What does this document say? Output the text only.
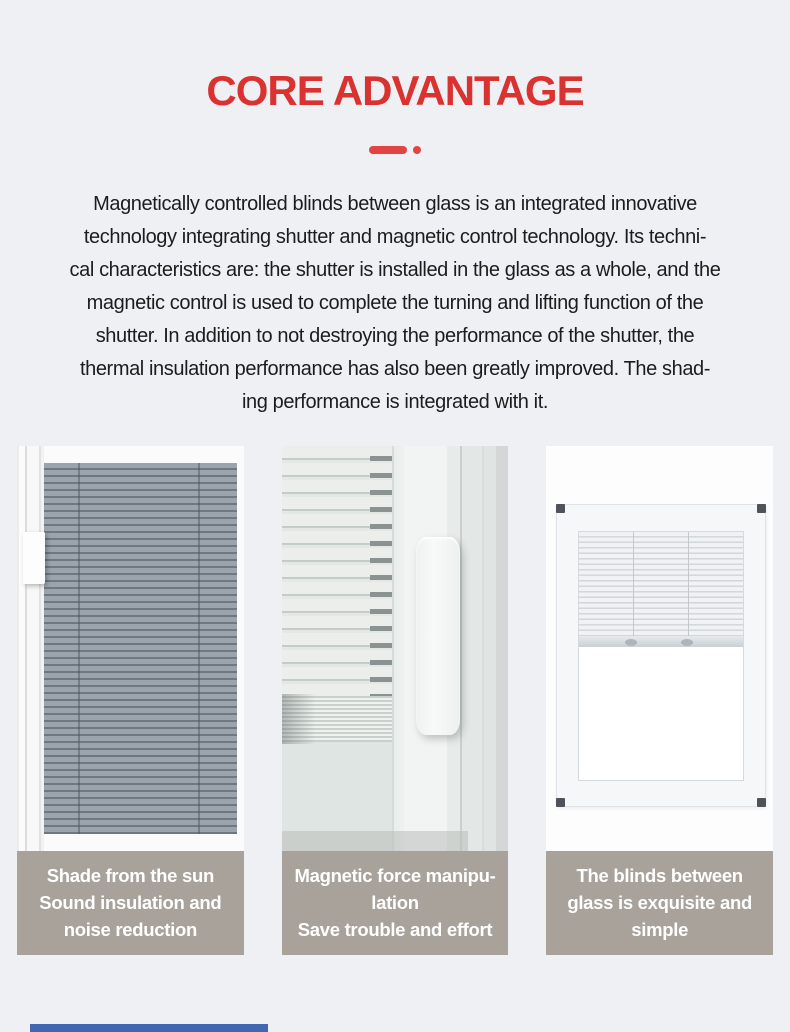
CORE ADVANTAGE
Magnetically controlled blinds between glass is an integrated innovative
technology integrating shutter and magnetic control technology. Its techni-
cal characteristics are: the shutter is installed in the glass as a whole, and the
magnetic control is used to complete the turning and lifting function of the
shutter. In addition to not destroying the performance of the shutter, the
thermal insulation performance has also been greatly improved. The shad-
ing performance is integrated with it.
Shade from the sun
Sound insulation and
noise reduction
Magnetic force manipu-
lation
Save trouble and effort
The blinds between
glass is exquisite and
simple
